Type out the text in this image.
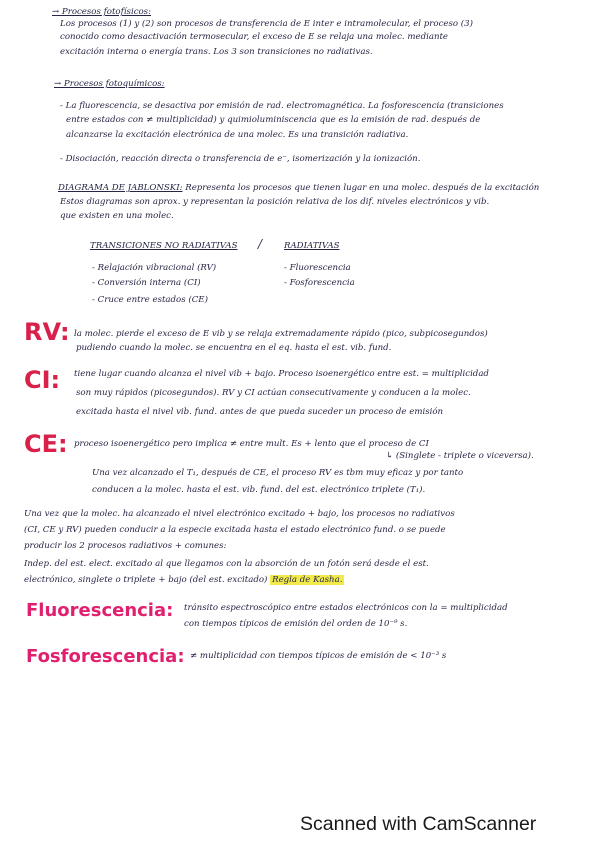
→ Procesos fotofísicos:
Los procesos (1) y (2) son procesos de transferencia de E inter e intramolecular, el proceso (3)
conocido como desactivación termosecular, el exceso de E se relaja una molec. mediante
excitación interna o energía trans. Los 3 son transiciones no radiativas.
→ Procesos fotoquímicos:
- La fluorescencia, se desactiva por emisión de rad. electromagnética. La fosforescencia (transiciones
entre estados con ≠ multiplicidad) y quimioluminiscencia que es la emisión de rad. después de
alcanzarse la excitación electrónica de una molec. Es una transición radiativa.
- Disociación, reacción directa o transferencia de e⁻, isomerización y la ionización.
DIAGRAMA DE JABLONSKI: Representa los procesos que tienen lugar en una molec. después de la excitación
Estos diagramas son aprox. y representan la posición relativa de los dif. niveles electrónicos y vib.
que existen en una molec.
TRANSICIONES NO RADIATIVAS /	RADIATIVAS
- Relajación vibracional (RV)
- Conversión interna (CI)
- Cruce entre estados (CE)
- Fluorescencia
- Fosforescencia
RV: la molec. pierde el exceso de E vib y se relaja extremadamente rápido (pico, subpicosegundos)
pudiendo cuando la molec. se encuentra en el eq. hasta el est. vib. fund.
CI: tiene lugar cuando alcanza el nivel vib + bajo. Proceso isoenergético entre est. = multiplicidad
son muy rápidos (picosegundos). RV y CI actúan consecutivamente y conducen a la molec.
excitada hasta el nivel vib. fund. antes de que pueda suceder un proceso de emisión
CE: proceso isoenergético pero implica ≠ entre mult. Es + lento que el proceso de CI
↳ (Singlete - triplete o viceversa).
Una vez alcanzado el T₁, después de CE, el proceso RV es tbm muy eficaz y por tanto
conducen a la molec. hasta el est. vib. fund. del est. electrónico triplete (T₁).
Una vez que la molec. ha alcanzado el nivel electrónico excitado + bajo, los procesos no radiativos
(CI, CE y RV) pueden conducir a la especie excitada hasta el estado electrónico fund. o se puede
producir los 2 procesos radiativos + comunes:
Indep. del est. elect. excitado al que llegamos con la absorción de un fotón será desde el est.
electrónico, singlete o triplete + bajo (del est. excitado) Regla de Kasha.
Fluorescencia: tránsito espectroscópico entre estados electrónicos con la = multiplicidad
con tiempos típicos de emisión del orden de 10⁻⁹ s.
Fosforescencia: ≠ multiplicidad con tiempos típicos de emisión de < 10⁻³ s
Scanned with CamScanner
